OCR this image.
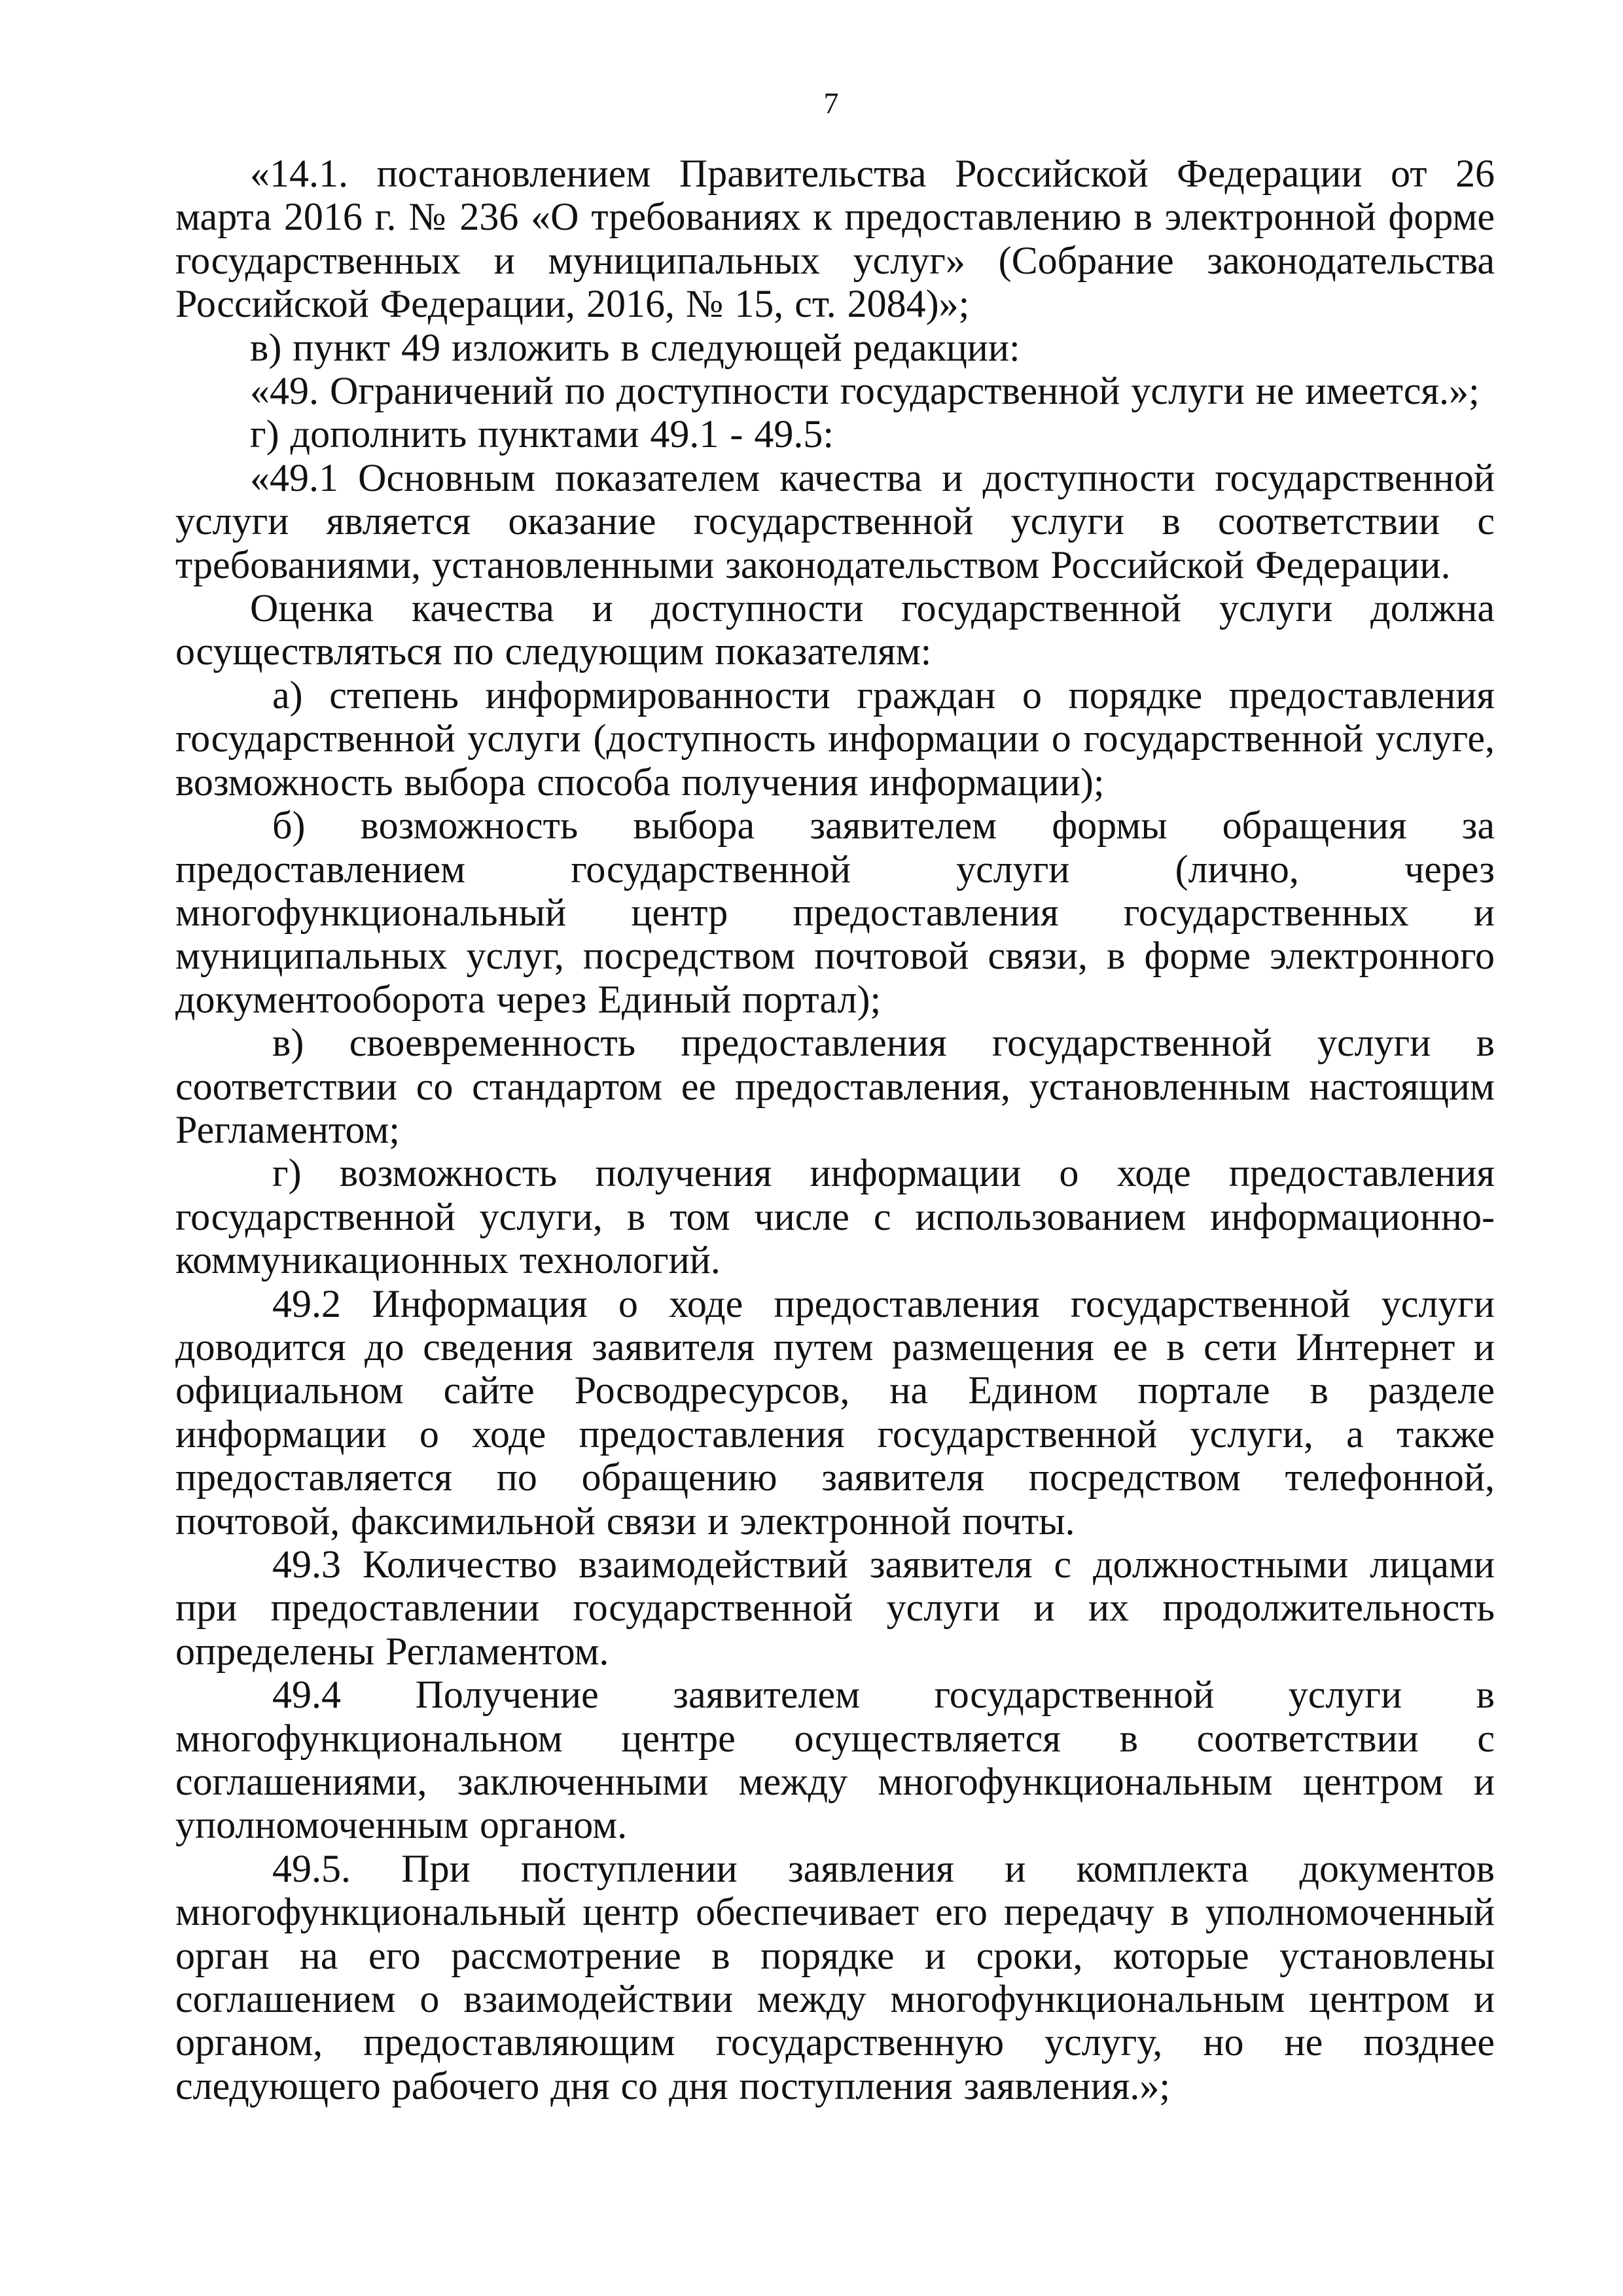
7

«14.1. постановлением Правительства Российской Федерации от 26 марта 2016 г. № 236 «О требованиях к предоставлению в электронной форме государственных и муниципальных услуг» (Собрание законодательства Российской Федерации, 2016, № 15, ст. 2084)»;

в) пункт 49 изложить в следующей редакции:

«49. Ограничений по доступности государственной услуги не имеется.»;

г) дополнить пунктами 49.1 - 49.5:

«49.1 Основным показателем качества и доступности государственной услуги является оказание государственной услуги в соответствии с требованиями, установленными законодательством Российской Федерации.

Оценка качества и доступности государственной услуги должна осуществляться по следующим показателям:

а) степень информированности граждан о порядке предоставления государственной услуги (доступность информации о государственной услуге, возможность выбора способа получения информации);

б) возможность выбора заявителем формы обращения за предоставлением государственной услуги (лично, через многофункциональный центр предоставления государственных и муниципальных услуг, посредством почтовой связи, в форме электронного документооборота через Единый портал);

в) своевременность предоставления государственной услуги в соответствии со стандартом ее предоставления, установленным настоящим Регламентом;

г) возможность получения информации о ходе предоставления государственной услуги, в том числе с использованием информационно-коммуникационных технологий.

49.2 Информация о ходе предоставления государственной услуги доводится до сведения заявителя путем размещения ее в сети Интернет и официальном сайте Росводресурсов, на Едином портале в разделе информации о ходе предоставления государственной услуги, а также предоставляется по обращению заявителя посредством телефонной, почтовой, факсимильной связи и электронной почты.

49.3 Количество взаимодействий заявителя с должностными лицами при предоставлении государственной услуги и их продолжительность определены Регламентом.

49.4 Получение заявителем государственной услуги в многофункциональном центре осуществляется в соответствии с соглашениями, заключенными между многофункциональным центром и уполномоченным органом.

49.5. При поступлении заявления и комплекта документов многофункциональный центр обеспечивает его передачу в уполномоченный орган на его рассмотрение в порядке и сроки, которые установлены соглашением о взаимодействии между многофункциональным центром и органом, предоставляющим государственную услугу, но не позднее следующего рабочего дня со дня поступления заявления.»;
